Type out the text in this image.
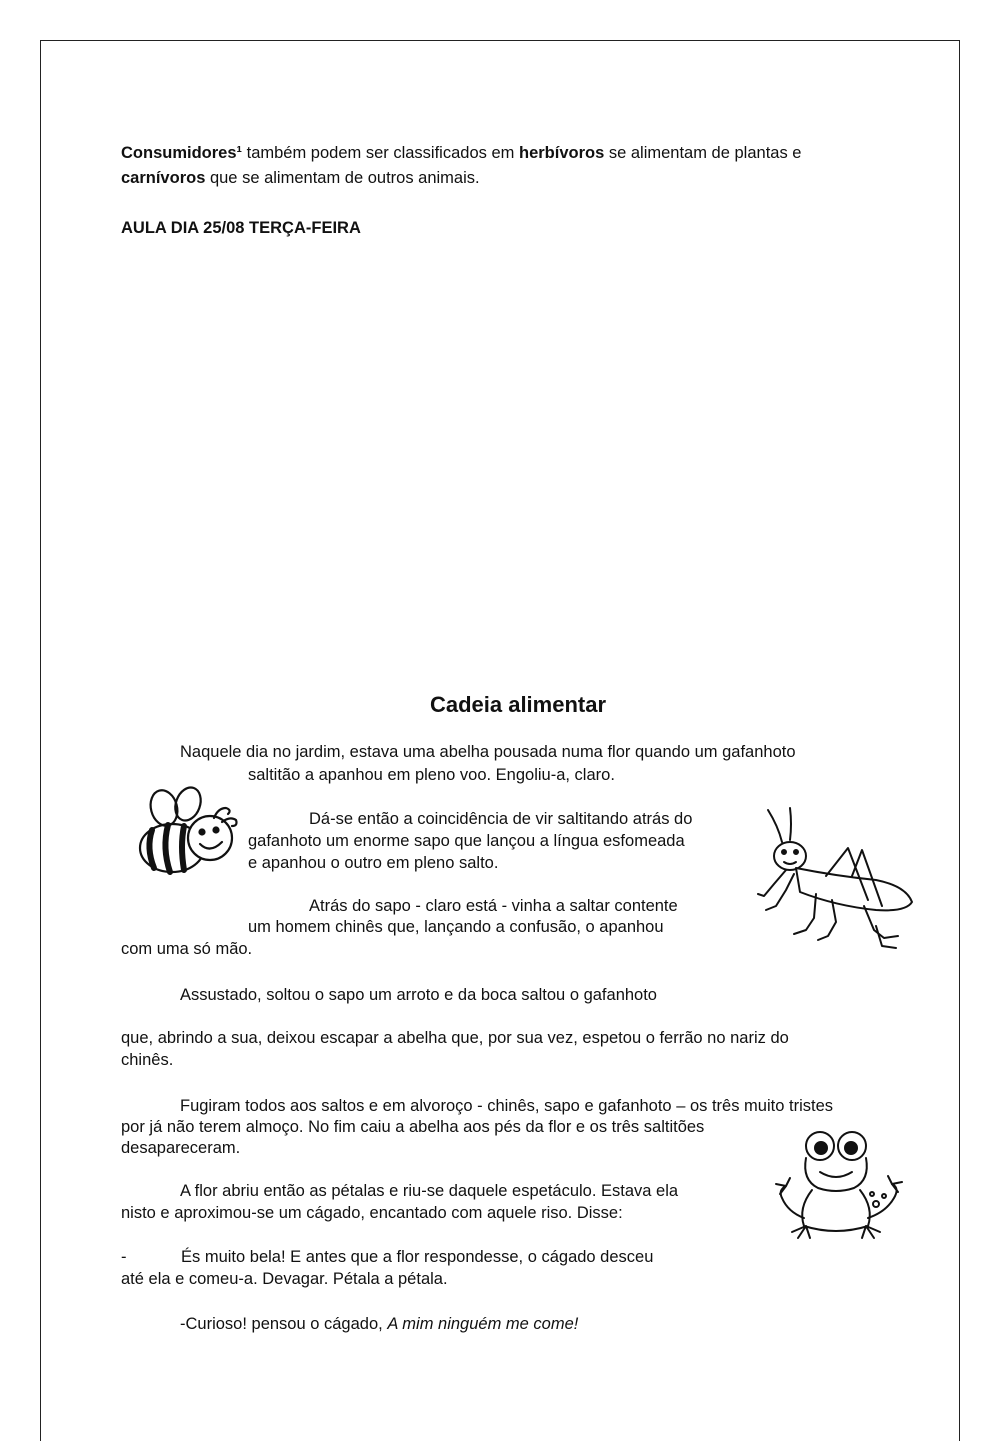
Consumidores¹ também podem ser classificados em herbívoros se alimentam de plantas e
carnívoros que se alimentam de outros animais.
AULA DIA 25/08 TERÇA-FEIRA
Cadeia alimentar
Naquele dia no jardim, estava uma abelha pousada numa flor quando um gafanhoto
saltitão a apanhou em pleno voo. Engoliu-a, claro.
Dá-se então a coincidência de vir saltitando atrás do
gafanhoto um enorme sapo que lançou a língua esfomeada
e apanhou o outro em pleno salto.
Atrás do sapo - claro está - vinha a saltar contente
um homem chinês que, lançando a confusão, o apanhou
com uma só mão.
Assustado, soltou o sapo um arroto e da boca saltou o gafanhoto
que, abrindo a sua, deixou escapar a abelha que, por sua vez, espetou o ferrão no nariz do
chinês.
Fugiram todos aos saltos e em alvoroço - chinês, sapo e gafanhoto – os três muito tristes
por já não terem almoço. No fim caiu a abelha aos pés da flor e os três saltitões
desapareceram.
A flor abriu então as pétalas e riu-se daquele espetáculo. Estava ela
nisto e aproximou-se um cágado, encantado com aquele riso. Disse:
-	És muito bela! E antes que a flor respondesse, o cágado desceu
até ela e comeu-a. Devagar. Pétala a pétala.
-Curioso! pensou o cágado, A mim ninguém me come!
